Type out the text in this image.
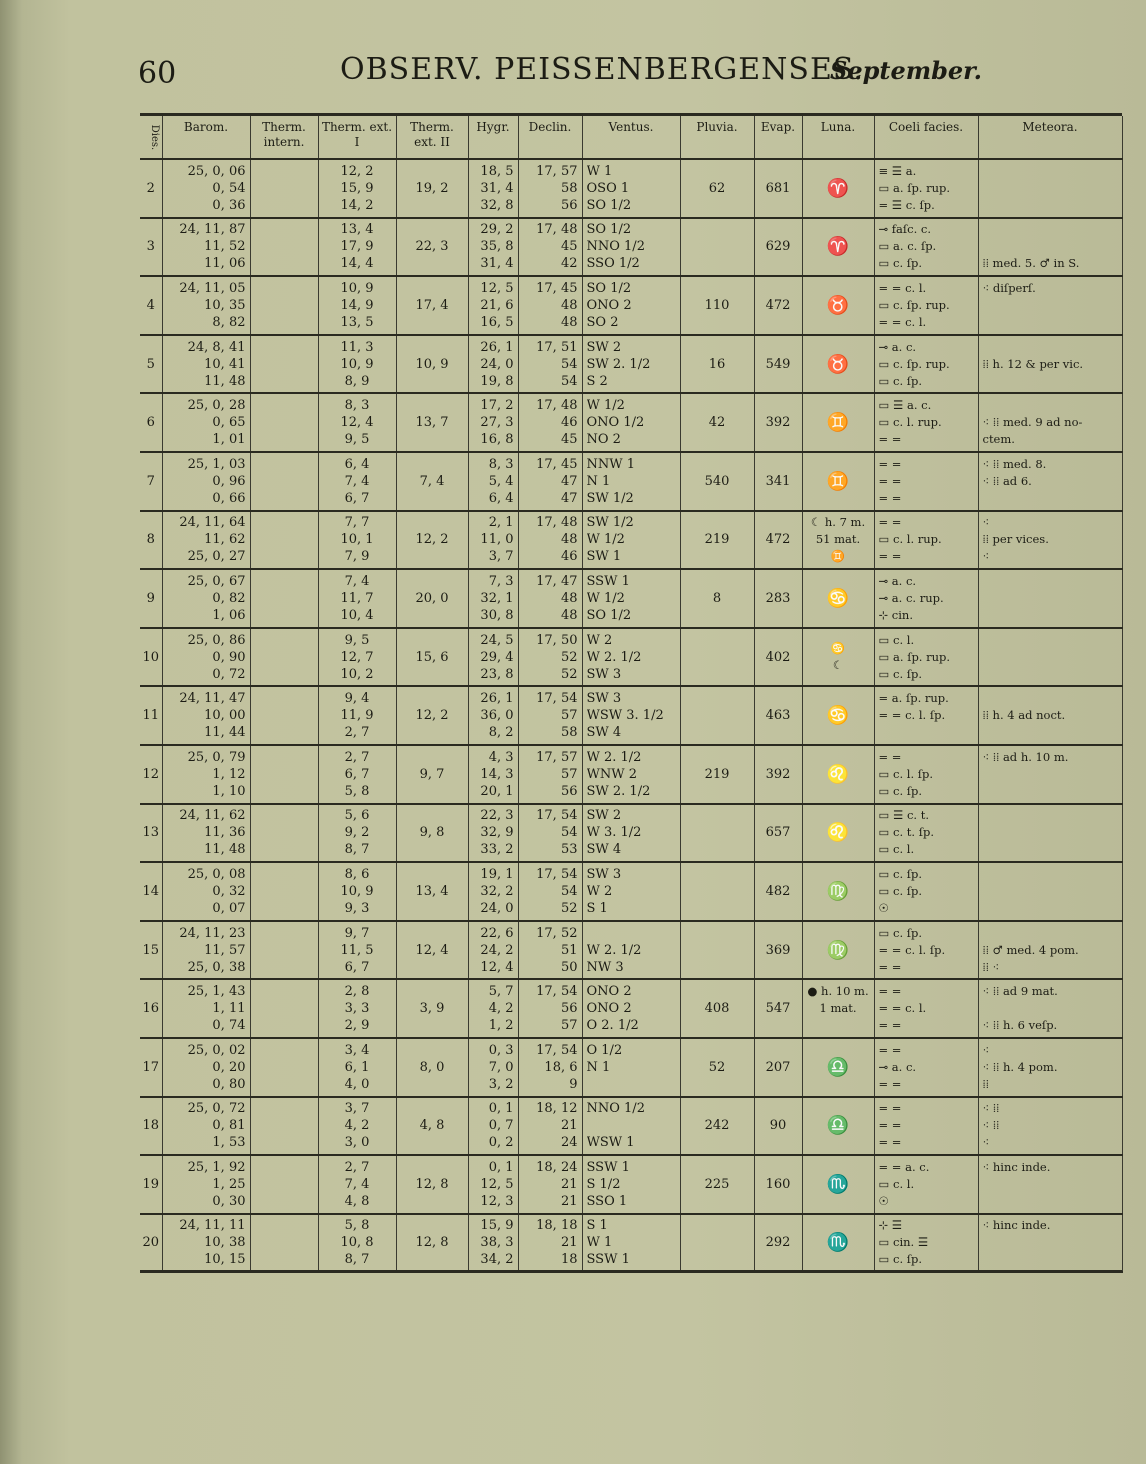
60	OBSERV. PEISSENBERGENSES.
September.
Dies.	Barom.	Therm. intern.	Therm. ext. I	Therm. ext. II	Hygr.	Declin.	Ventus.	Pluvia.	Evap.	Luna.	Coeli facies.	Meteora.
2	25, 0, 06
0, 54
0, 36		12, 2
15, 9
14, 2	19, 2	18, 5
31, 4
32, 8	17, 57
58
56	W 1
OSO 1
SO 1/2	62	681	♈	≡ ☰ a.
▭ a. ſp. rup.
= ☰ c. ſp.	

3	24, 11, 87
11, 52
11, 06		13, 4
17, 9
14, 4	22, 3	29, 2
35, 8
31, 4	17, 48
45
42	SO 1/2
NNO 1/2
SSO 1/2		629	♈	⊸ faſc. c.
▭ a. c. ſp.
▭ c. ſp.	⁞⁞ med. 5. ♂ in S.

4	24, 11, 05
10, 35
8, 82		10, 9
14, 9
13, 5	17, 4	12, 5
21, 6
16, 5	17, 45
48
48	SO 1/2
ONO 2
SO 2	110	472	♉	= = c. l.
▭ c. ſp. rup.
= = c. l.	⁖ diſperſ.

5	24, 8, 41
10, 41
11, 48		11, 3
10, 9
8, 9	10, 9	26, 1
24, 0
19, 8	17, 51
54
54	SW 2
SW 2. 1/2
S 2	16	549	♉	⊸ a. c.
▭ c. ſp. rup.
▭ c. ſp.	⁞⁞ h. 12 & per vic.

6	25, 0, 28
0, 65
1, 01		8, 3
12, 4
9, 5	13, 7	17, 2
27, 3
16, 8	17, 48
46
45	W 1/2
ONO 1/2
NO 2	42	392	♊	▭ ☰ a. c.
▭ c. l. rup.
= =	⁖ ⁞⁞ med. 9 ad no-
ctem.

7	25, 1, 03
0, 96
0, 66		6, 4
7, 4
6, 7	7, 4	8, 3
5, 4
6, 4	17, 45
47
47	NNW 1
N 1
SW 1/2	540	341	♊	= =
= =
= =	⁖ ⁞⁞ med. 8.
⁖ ⁞⁞ ad 6.

8	24, 11, 64
11, 62
25, 0, 27		7, 7
10, 1
7, 9	12, 2	2, 1
11, 0
3, 7	17, 48
48
46	SW 1/2
W 1/2
SW 1	219	472	☾ h. 7 m.
51 mat.
♊	= =
▭ c. l. rup.
= =	⁖
⁞⁞ per vices.
⁖

9	25, 0, 67
0, 82
1, 06		7, 4
11, 7
10, 4	20, 0	7, 3
32, 1
30, 8	17, 47
48
48	SSW 1
W 1/2
SO 1/2	8	283	♋	⊸ a. c.
⊸ a. c. rup.
⊹ cin.	

10	25, 0, 86
0, 90
0, 72		9, 5
12, 7
10, 2	15, 6	24, 5
29, 4
23, 8	17, 50
52
52	W 2
W 2. 1/2
SW 3		402	♋
☾	▭ c. l.
▭ a. ſp. rup.
▭ c. ſp.	

11	24, 11, 47
10, 00
11, 44		9, 4
11, 9
2, 7	12, 2	26, 1
36, 0
8, 2	17, 54
57
58	SW 3
WSW 3. 1/2
SW 4		463	♋	= a. ſp. rup.
= = c. l. ſp.	⁞⁞ h. 4 ad noct.

12	25, 0, 79
1, 12
1, 10		2, 7
6, 7
5, 8	9, 7	4, 3
14, 3
20, 1	17, 57
57
56	W 2. 1/2
WNW 2
SW 2. 1/2	219	392	♌	= =
▭ c. l. ſp.
▭ c. ſp.	⁖ ⁞⁞ ad h. 10 m.

13	24, 11, 62
11, 36
11, 48		5, 6
9, 2
8, 7	9, 8	22, 3
32, 9
33, 2	17, 54
54
53	SW 2
W 3. 1/2
SW 4		657	♌	▭ ☰ c. t.
▭ c. t. ſp.
▭ c. l.	

14	25, 0, 08
0, 32
0, 07		8, 6
10, 9
9, 3	13, 4	19, 1
32, 2
24, 0	17, 54
54
52	SW 3
W 2
S 1		482	♍	▭ c. ſp.
▭ c. ſp.
☉	

15	24, 11, 23
11, 57
25, 0, 38		9, 7
11, 5
6, 7	12, 4	22, 6
24, 2
12, 4	17, 52
51
50	W 2. 1/2
NW 3		369	♍	▭ c. ſp.
= = c. l. ſp.
= =	⁞⁞ ♂ med. 4 pom.
⁞⁞ ⁖

16	25, 1, 43
1, 11
0, 74		2, 8
3, 3
2, 9	3, 9	5, 7
4, 2
1, 2	17, 54
56
57	ONO 2
ONO 2
O 2. 1/2	408	547	● h. 10 m.
1 mat.	= =
= = c. l.
= =	⁖ ⁞⁞ ad 9 mat.
⁖ ⁞⁞ h. 6 veſp.

17	25, 0, 02
0, 20
0, 80		3, 4
6, 1
4, 0	8, 0	0, 3
7, 0
3, 2	17, 54
18, 6
9	O 1/2
N 1	52	207	♎	= =
⊸ a. c.
= =	⁖
⁖ ⁞⁞ h. 4 pom.
⁞⁞

18	25, 0, 72
0, 81
1, 53		3, 7
4, 2
3, 0	4, 8	0, 1
0, 7
0, 2	18, 12
21
24	NNO 1/2
WSW 1	242	90	♎	= =
= =
= =	⁖ ⁞⁞
⁖ ⁞⁞
⁖

19	25, 1, 92
1, 25
0, 30		2, 7
7, 4
4, 8	12, 8	0, 1
12, 5
12, 3	18, 24
21
21	SSW 1
S 1/2
SSO 1	225	160	♏	= = a. c.
▭ c. l.
☉	⁖ hinc inde.

20	24, 11, 11
10, 38
10, 15		5, 8
10, 8
8, 7	12, 8	15, 9
38, 3
34, 2	18, 18
21
18	S 1
W 1
SSW 1		292	♏	⊹ ☰
▭ cin. ☰
▭ c. ſp.	⁖ hinc inde.
